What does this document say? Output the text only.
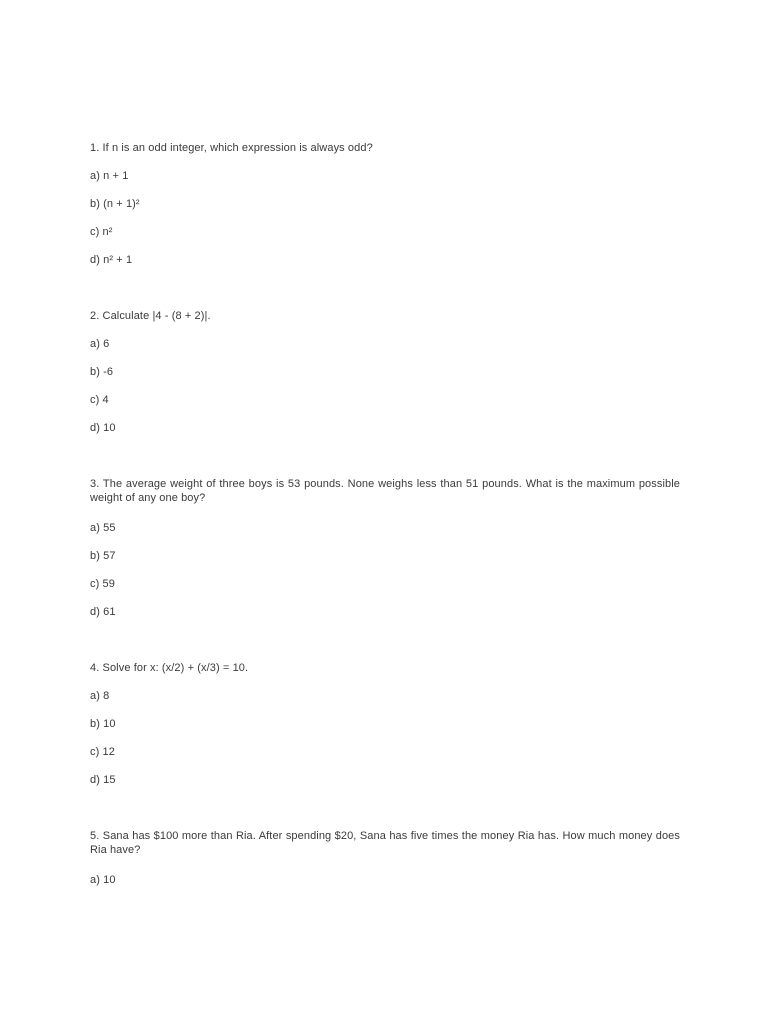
1. If n is an odd integer, which expression is always odd?
a) n + 1
b) (n + 1)²
c) n²
d) n² + 1
2. Calculate |4 - (8 + 2)|.
a) 6
b) -6
c) 4
d) 10
3. The average weight of three boys is 53 pounds. None weighs less than 51 pounds. What is the maximum possible weight of any one boy?
a) 55
b) 57
c) 59
d) 61
4. Solve for x: (x/2) + (x/3) = 10.
a) 8
b) 10
c) 12
d) 15
5. Sana has $100 more than Ria. After spending $20, Sana has five times the money Ria has. How much money does Ria have?
a) 10
